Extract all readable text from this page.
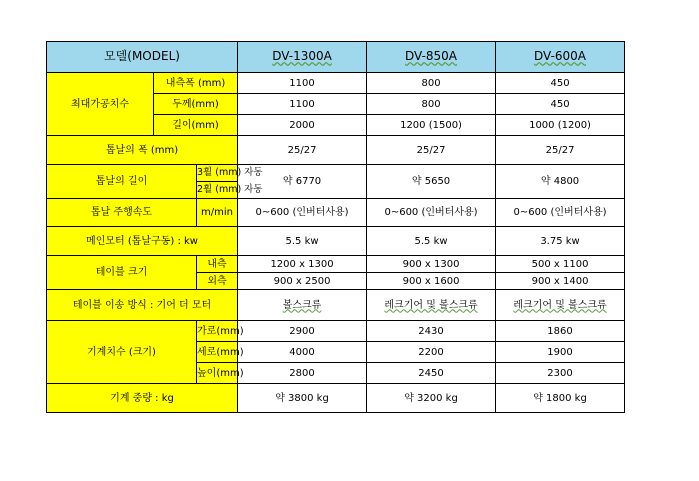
모델(MODEL)			DV-1300A	DV-850A	DV-600A
최대가공치수	내측폭 (mm)		1100	800	450
	두께(mm)		1100	800	450
	길이(mm)		2000	1200 (1500)	1000 (1200)
톱날의 폭 (mm)			25/27	25/27	25/27
톱날의 길이		3휠 (mm) 자동	약 6770	약 5650	약 4800
		2휠 (mm) 자동			
톱날 주행속도		m/min	0~600 (인버터사용)	0~600 (인버터사용)	0~600 (인버터사용)
메인모터 (톱날구동) : kw			5.5 kw	5.5 kw	3.75 kw
테이블 크기		내측	1200 x 1300	900 x 1300	500 x 1100
		외측	900 x 2500	900 x 1600	900 x 1400
테이블 이송 방식 : 기어 더 모터			볼스크류	레크기어 및 볼스크류	레크기어 및 볼스크류
기계치수 (크기)		가로(mm)	2900	2430	1860
		세로(mm)	4000	2200	1900
		높이(mm)	2800	2450	2300
기계 중량 : kg			약 3800 kg	약 3200 kg	약 1800 kg
